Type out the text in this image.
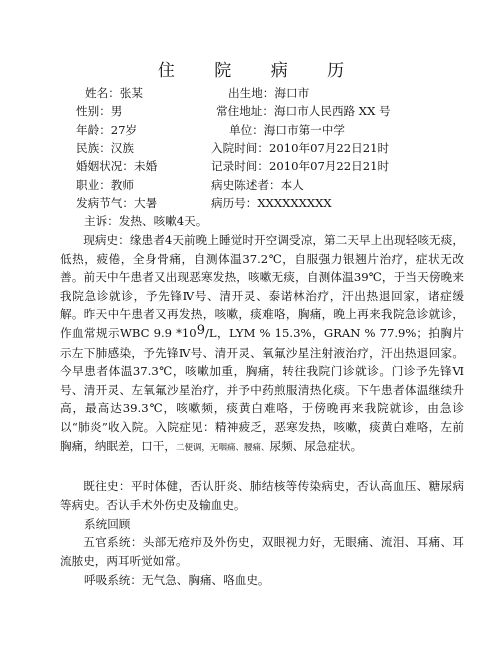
住 院 病 历
姓名：张某	出生地：海口市
性别：男	常住地址：海口市人民西路 XX 号
年龄：27岁	单位：海口市第一中学
民族：汉族	入院时间：2010年07月22日21时
婚姻状况：未婚	记录时间：2010年07月22日21时
职业：教师	病史陈述者：本人
发病节气：大暑	病历号：XXXXXXXXX
主诉：发热、咳嗽4天。

现病史：缘患者4天前晚上睡觉时开空调受凉，第二天早上出现轻咳无痰，低热，疲倦，全身骨痛，自测体温37.2℃，自服强力银翘片治疗，症状无改善。前天中午患者又出现恶寒发热，咳嗽无痰，自测体温39℃，于当天傍晚来我院急诊就诊，予先锋Ⅳ号、清开灵、泰诺林治疗，汗出热退回家，诸症缓解。昨天中午患者又再发热，咳嗽，痰难咯，胸痛，晚上再来我院急诊就诊，作血常规示WBC 9.9 *109/L，LYM % 15.3%，GRAN % 77.9%；拍胸片示左下肺感染，予先锋Ⅳ号、清开灵、氧氟沙星注射液治疗，汗出热退回家。今早患者体温37.3℃，咳嗽加重，胸痛，转往我院门诊就诊。门诊予先锋Ⅵ号、清开灵、左氧氟沙星治疗，并予中药煎服清热化痰。下午患者体温继续升高，最高达39.3℃，咳嗽频，痰黄白难咯，于傍晚再来我院就诊，由急诊以“肺炎”收入院。入院症见：精神疲乏，恶寒发热，咳嗽，痰黄白难咯，左前胸痛，纳眠差，口干，二便调，无咽痛、腰痛、尿频、尿急症状。

既往史：平时体健，否认肝炎、肺结核等传染病史，否认高血压、糖尿病等病史。否认手术外伤史及输血史。

系统回顾

五官系统：头部无疮疖及外伤史，双眼视力好，无眼痛、流泪、耳痛、耳流脓史，两耳听觉如常。

呼吸系统：无气急、胸痛、咯血史。
